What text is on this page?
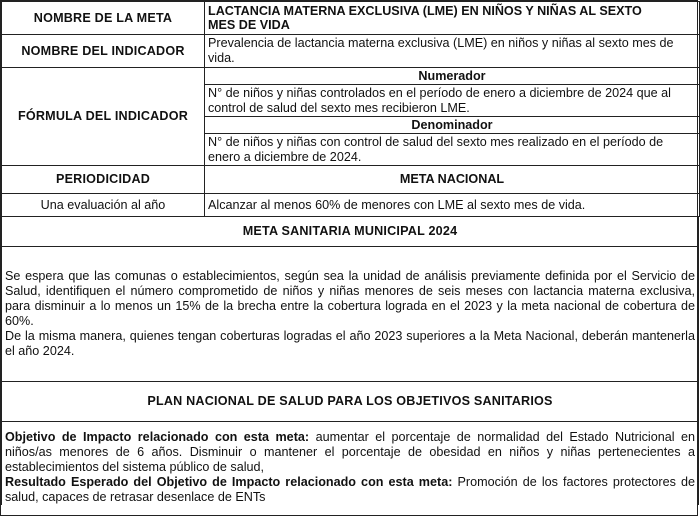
NOMBRE DE LA META	LACTANCIA MATERNA EXCLUSIVA (LME) EN NIÑOS Y NIÑAS AL SEXTO
MES DE VIDA

NOMBRE DEL INDICADOR	Prevalencia de lactancia materna exclusiva (LME) en niños y niñas al sexto mes de vida.
FÓRMULA DEL INDICADOR	Numerador
	N° de niños y niñas controlados en el período de enero a diciembre de 2024 que al control de salud del sexto mes recibieron LME.
	Denominador
	N° de niños y niñas con control de salud del sexto mes realizado en el período de enero a diciembre de 2024.
PERIODICIDAD	META NACIONAL
Una evaluación al año	Alcanzar al menos 60% de menores con LME al sexto mes de vida.
META SANITARIA MUNICIPAL 2024
Se espera que las comunas o establecimientos, según sea la unidad de análisis previamente definida por el Servicio de Salud, identifiquen el número comprometido de niños y niñas menores de seis meses con lactancia materna exclusiva, para disminuir a lo menos un 15% de la brecha entre la cobertura lograda en el 2023 y la meta nacional de cobertura de 60%.
De la misma manera, quienes tengan coberturas logradas el año 2023 superiores a la Meta Nacional, deberán mantenerla el año 2024.
PLAN NACIONAL DE SALUD PARA LOS OBJETIVOS SANITARIOS
Objetivo de Impacto relacionado con esta meta: aumentar el porcentaje de normalidad del Estado Nutricional en niños/as menores de 6 años. Disminuir o mantener el porcentaje de obesidad en niños y niñas pertenecientes a establecimientos del sistema público de salud,
Resultado Esperado del Objetivo de Impacto relacionado con esta meta: Promoción de los factores protectores de salud, capaces de retrasar desenlace de ENTs
